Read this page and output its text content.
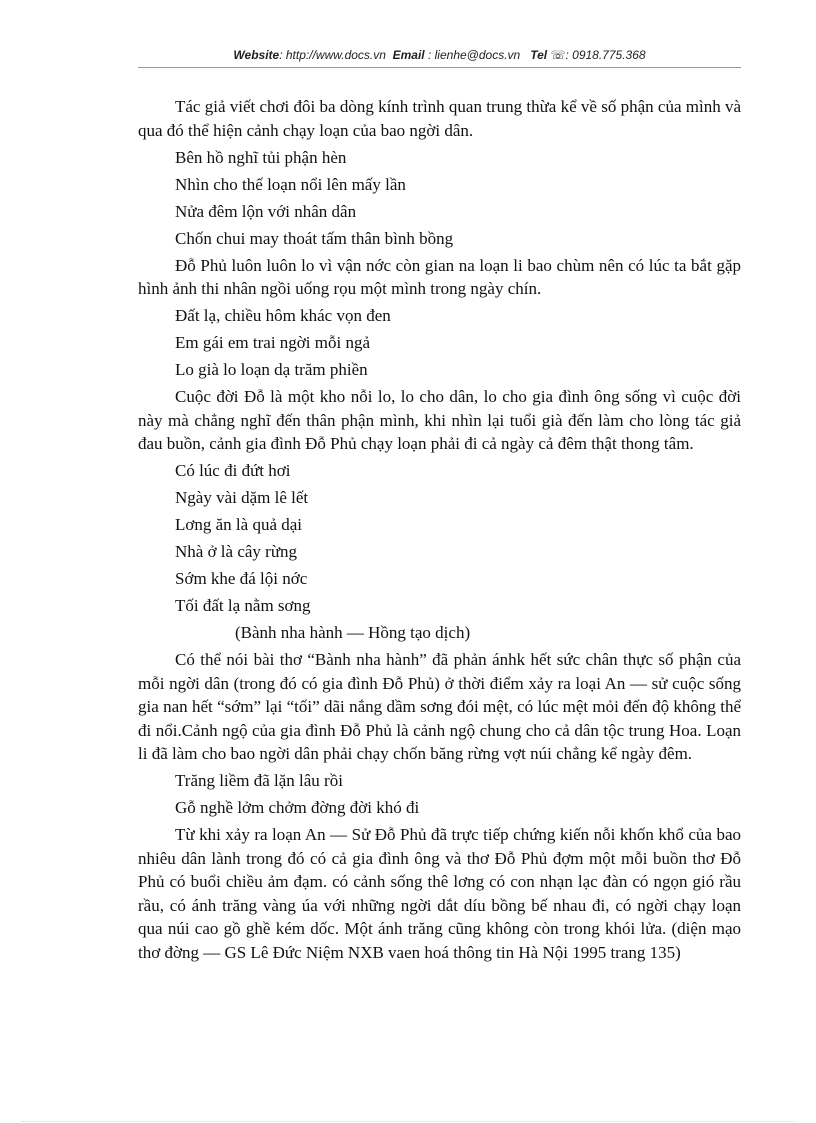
Website: http://www.docs.vn Email : lienhe@docs.vn Tel ☏: 0918.775.368

Tác giả viết chơi đôi ba dòng kính trình quan trung thừa kể về số phận của mình và qua đó thể hiện cảnh chạy loạn của bao ngời dân.

Bên hồ nghĩ tủi phận hèn
Nhìn cho thế loạn nổi lên mấy lần
Nửa đêm lộn với nhân dân
Chốn chui may thoát tấm thân bình bồng

Đỗ Phủ luôn luôn lo vì vận nớc còn gian na loạn li bao chùm nên có lúc ta bắt gặp hình ảnh thi nhân ngồi uống rọu một mình trong ngày chín.

Đất lạ, chiều hôm khác vọn đen
Em gái em trai ngời mỗi ngả
Lo già lo loạn dạ trăm phiền

Cuộc đời Đỗ là một kho nỗi lo, lo cho dân, lo cho gia đình ông sống vì cuộc đời này mà chẳng nghĩ đến thân phận mình, khi nhìn lại tuổi già đến làm cho lòng tác giả đau buồn, cảnh gia đình Đỗ Phủ chạy loạn phải đi cả ngày cả đêm thật thong tâm.

Có lúc đi đứt hơi
Ngày vài dặm lê lết
Lơng ăn là quả dại
Nhà ở là cây rừng
Sớm khe đá lội nớc
Tối đất lạ nằm sơng
(Bành nha hành — Hồng tạo dịch)

Có thể nói bài thơ “Bành nha hành” đã phản ánhk hết sức chân thực số phận của mỗi ngời dân (trong đó có gia đình Đỗ Phủ) ở thời điểm xảy ra loại An — sử cuộc sống gia nan hết “sớm” lại “tối” dãi nắng dầm sơng đói mệt, có lúc mệt mỏi đến độ không thể đi nổi.Cảnh ngộ của gia đình Đỗ Phủ là cảnh ngộ chung cho cả dân tộc trung Hoa. Loạn li đã làm cho bao ngời dân phải chạy chốn băng rừng vợt núi chẳng kể ngày đêm.

Trăng liềm đã lặn lâu rồi
Gỗ nghề lởm chởm đờng đời khó đi

Từ khi xảy ra loạn An — Sử Đỗ Phủ đã trực tiếp chứng kiến nỗi khốn khổ của bao nhiêu dân lành trong đó có cả gia đình ông và thơ Đỗ Phủ đợm một mỗi buồn thơ Đỗ Phủ có buổi chiều ảm đạm. có cảnh sống thê lơng có con nhạn lạc đàn có ngọn gió rầu rầu, có ánh trăng vàng úa với những ngời dắt díu bồng bế nhau đi, có ngời chạy loạn qua núi cao gồ ghề kém dốc. Một ánh trăng cũng không còn trong khói lửa. (diện mạo thơ đờng — GS Lê Đức Niệm NXB vaen hoá thông tin Hà Nội 1995 trang 135)
